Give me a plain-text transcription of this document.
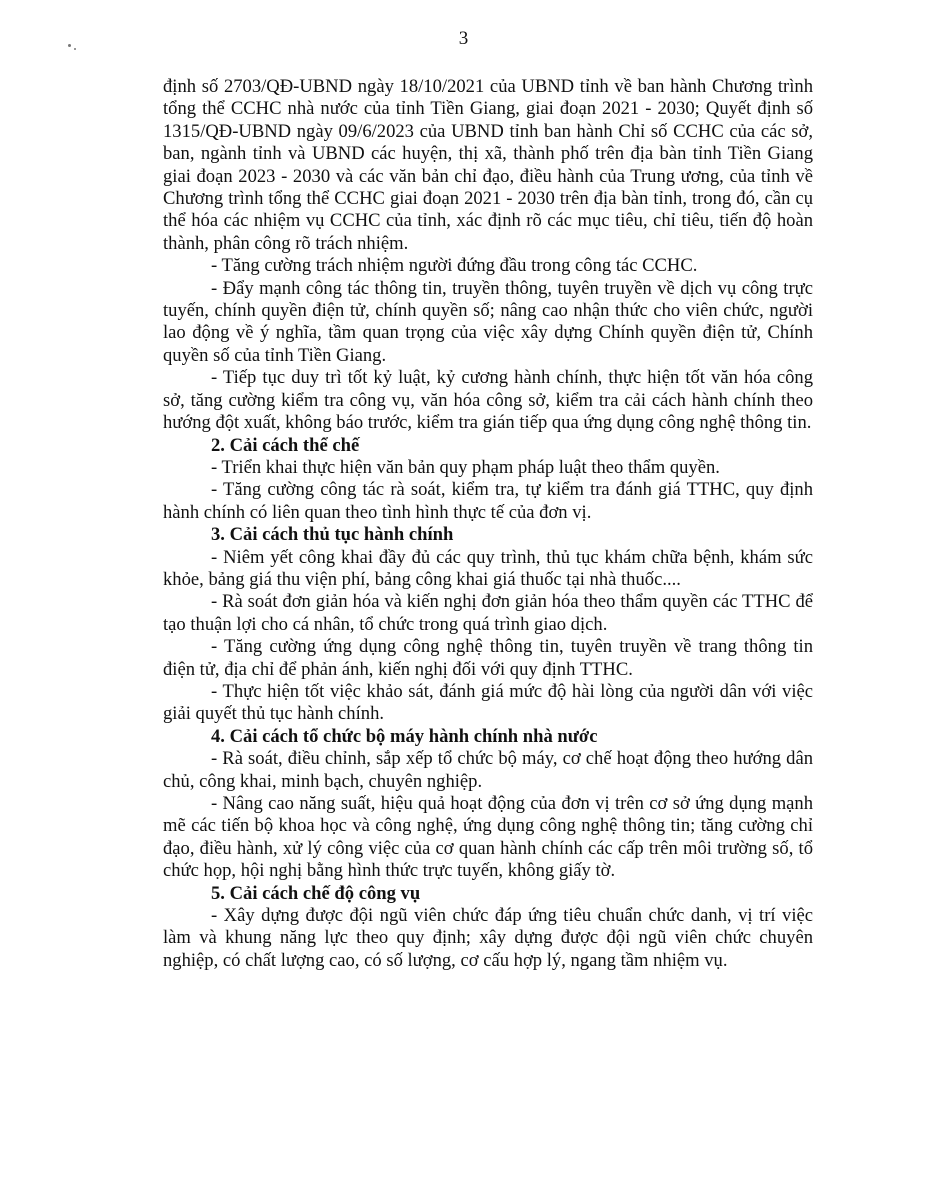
3

định số 2703/QĐ-UBND ngày 18/10/2021 của UBND tỉnh về ban hành Chương trình tổng thể CCHC nhà nước của tỉnh Tiền Giang, giai đoạn 2021 - 2030; Quyết định số 1315/QĐ-UBND ngày 09/6/2023 của UBND tỉnh ban hành Chỉ số CCHC của các sở, ban, ngành tỉnh và UBND các huyện, thị xã, thành phố trên địa bàn tỉnh Tiền Giang giai đoạn 2023 - 2030 và các văn bản chỉ đạo, điều hành của Trung ương, của tỉnh về Chương trình tổng thể CCHC giai đoạn 2021 - 2030 trên địa bàn tỉnh, trong đó, cần cụ thể hóa các nhiệm vụ CCHC của tỉnh, xác định rõ các mục tiêu, chỉ tiêu, tiến độ hoàn thành, phân công rõ trách nhiệm.

- Tăng cường trách nhiệm người đứng đầu trong công tác CCHC.

- Đẩy mạnh công tác thông tin, truyền thông, tuyên truyền về dịch vụ công trực tuyến, chính quyền điện tử, chính quyền số; nâng cao nhận thức cho viên chức, người lao động về ý nghĩa, tầm quan trọng của việc xây dựng Chính quyền điện tử, Chính quyền số của tỉnh Tiền Giang.

- Tiếp tục duy trì tốt kỷ luật, kỷ cương hành chính, thực hiện tốt văn hóa công sở, tăng cường kiểm tra công vụ, văn hóa công sở, kiểm tra cải cách hành chính theo hướng đột xuất, không báo trước, kiểm tra gián tiếp qua ứng dụng công nghệ thông tin.

2. Cải cách thể chế

- Triển khai thực hiện văn bản quy phạm pháp luật theo thẩm quyền.

- Tăng cường công tác rà soát, kiểm tra, tự kiểm tra đánh giá TTHC, quy định hành chính có liên quan theo tình hình thực tế của đơn vị.

3. Cải cách thủ tục hành chính

- Niêm yết công khai đầy đủ các quy trình, thủ tục khám chữa bệnh, khám sức khỏe, bảng giá thu viện phí, bảng công khai giá thuốc tại nhà thuốc....

- Rà soát đơn giản hóa và kiến nghị đơn giản hóa theo thẩm quyền các TTHC để tạo thuận lợi cho cá nhân, tổ chức trong quá trình giao dịch.

- Tăng cường ứng dụng công nghệ thông tin, tuyên truyền về trang thông tin điện tử, địa chỉ để phản ánh, kiến nghị đối với quy định TTHC.

- Thực hiện tốt việc khảo sát, đánh giá mức độ hài lòng của người dân với việc giải quyết thủ tục hành chính.

4. Cải cách tổ chức bộ máy hành chính nhà nước

- Rà soát, điều chỉnh, sắp xếp tổ chức bộ máy, cơ chế hoạt động theo hướng dân chủ, công khai, minh bạch, chuyên nghiệp.

- Nâng cao năng suất, hiệu quả hoạt động của đơn vị trên cơ sở ứng dụng mạnh mẽ các tiến bộ khoa học và công nghệ, ứng dụng công nghệ thông tin; tăng cường chỉ đạo, điều hành, xử lý công việc của cơ quan hành chính các cấp trên môi trường số, tổ chức họp, hội nghị bằng hình thức trực tuyến, không giấy tờ.

5. Cải cách chế độ công vụ

- Xây dựng được đội ngũ viên chức đáp ứng tiêu chuẩn chức danh, vị trí việc làm và khung năng lực theo quy định; xây dựng được đội ngũ viên chức chuyên nghiệp, có chất lượng cao, có số lượng, cơ cấu hợp lý, ngang tầm nhiệm vụ.
